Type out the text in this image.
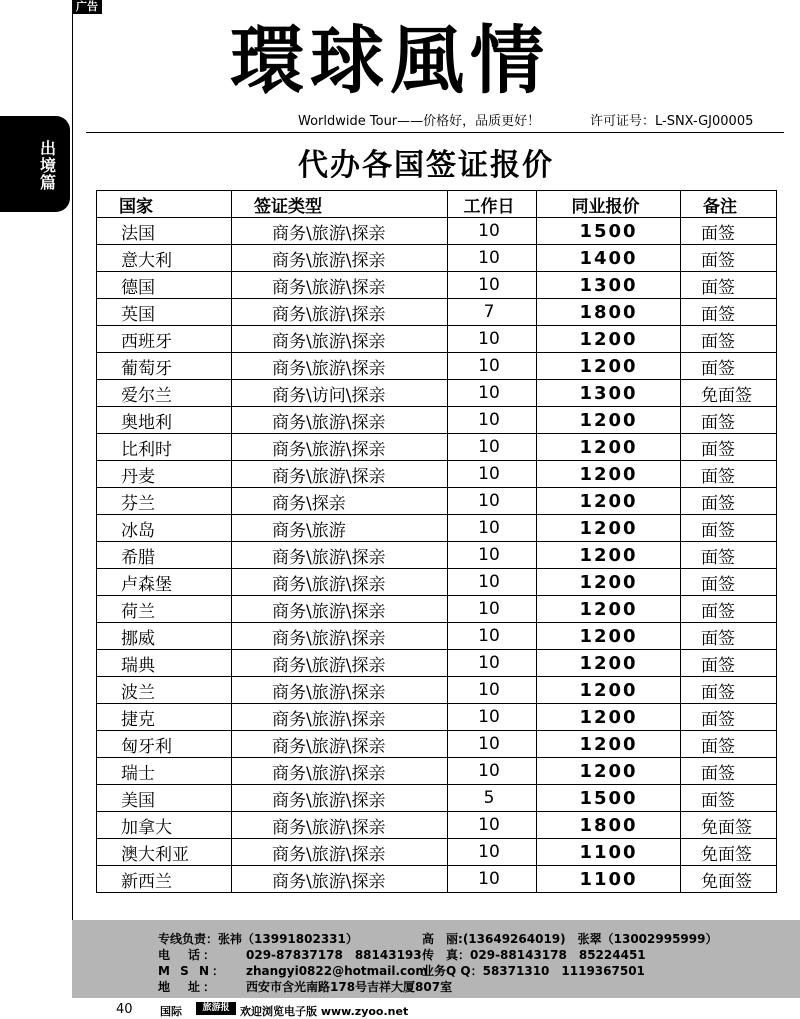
广告
出境篇
環球風情
Worldwide Tour——价格好，品质更好！	许可证号：L-SNX-GJ00005
代办各国签证报价
国家	签证类型	工作日	同业报价	备注
法国	商务\旅游\探亲	10	1500	面签
意大利	商务\旅游\探亲	10	1400	面签
德国	商务\旅游\探亲	10	1300	面签
英国	商务\旅游\探亲	7	1800	面签
西班牙	商务\旅游\探亲	10	1200	面签
葡萄牙	商务\旅游\探亲	10	1200	面签
爱尔兰	商务\访问\探亲	10	1300	免面签
奥地利	商务\旅游\探亲	10	1200	面签
比利时	商务\旅游\探亲	10	1200	面签
丹麦	商务\旅游\探亲	10	1200	面签
芬兰	商务\探亲	10	1200	面签
冰岛	商务\旅游	10	1200	面签
希腊	商务\旅游\探亲	10	1200	面签
卢森堡	商务\旅游\探亲	10	1200	面签
荷兰	商务\旅游\探亲	10	1200	面签
挪威	商务\旅游\探亲	10	1200	面签
瑞典	商务\旅游\探亲	10	1200	面签
波兰	商务\旅游\探亲	10	1200	面签
捷克	商务\旅游\探亲	10	1200	面签
匈牙利	商务\旅游\探亲	10	1200	面签
瑞士	商务\旅游\探亲	10	1200	面签
美国	商务\旅游\探亲	5	1500	面签
加拿大	商务\旅游\探亲	10	1800	免面签
澳大利亚	商务\旅游\探亲	10	1100	免面签
新西兰	商务\旅游\探亲	10	1100	免面签
专线负责：张祎（13991802331）	高　丽:(13649264019)　张翠（13002995999）
电　话： 029-87837178　88143193 传　真：029-88143178　85224451
M S N： zhangyi0822@hotmail.com
业务Q Q：58371310　1119367501
地　址： 西安市含光南路178号吉祥大厦807室
40 国际	旅游报 欢迎浏览电子版 www.zyoo.net
